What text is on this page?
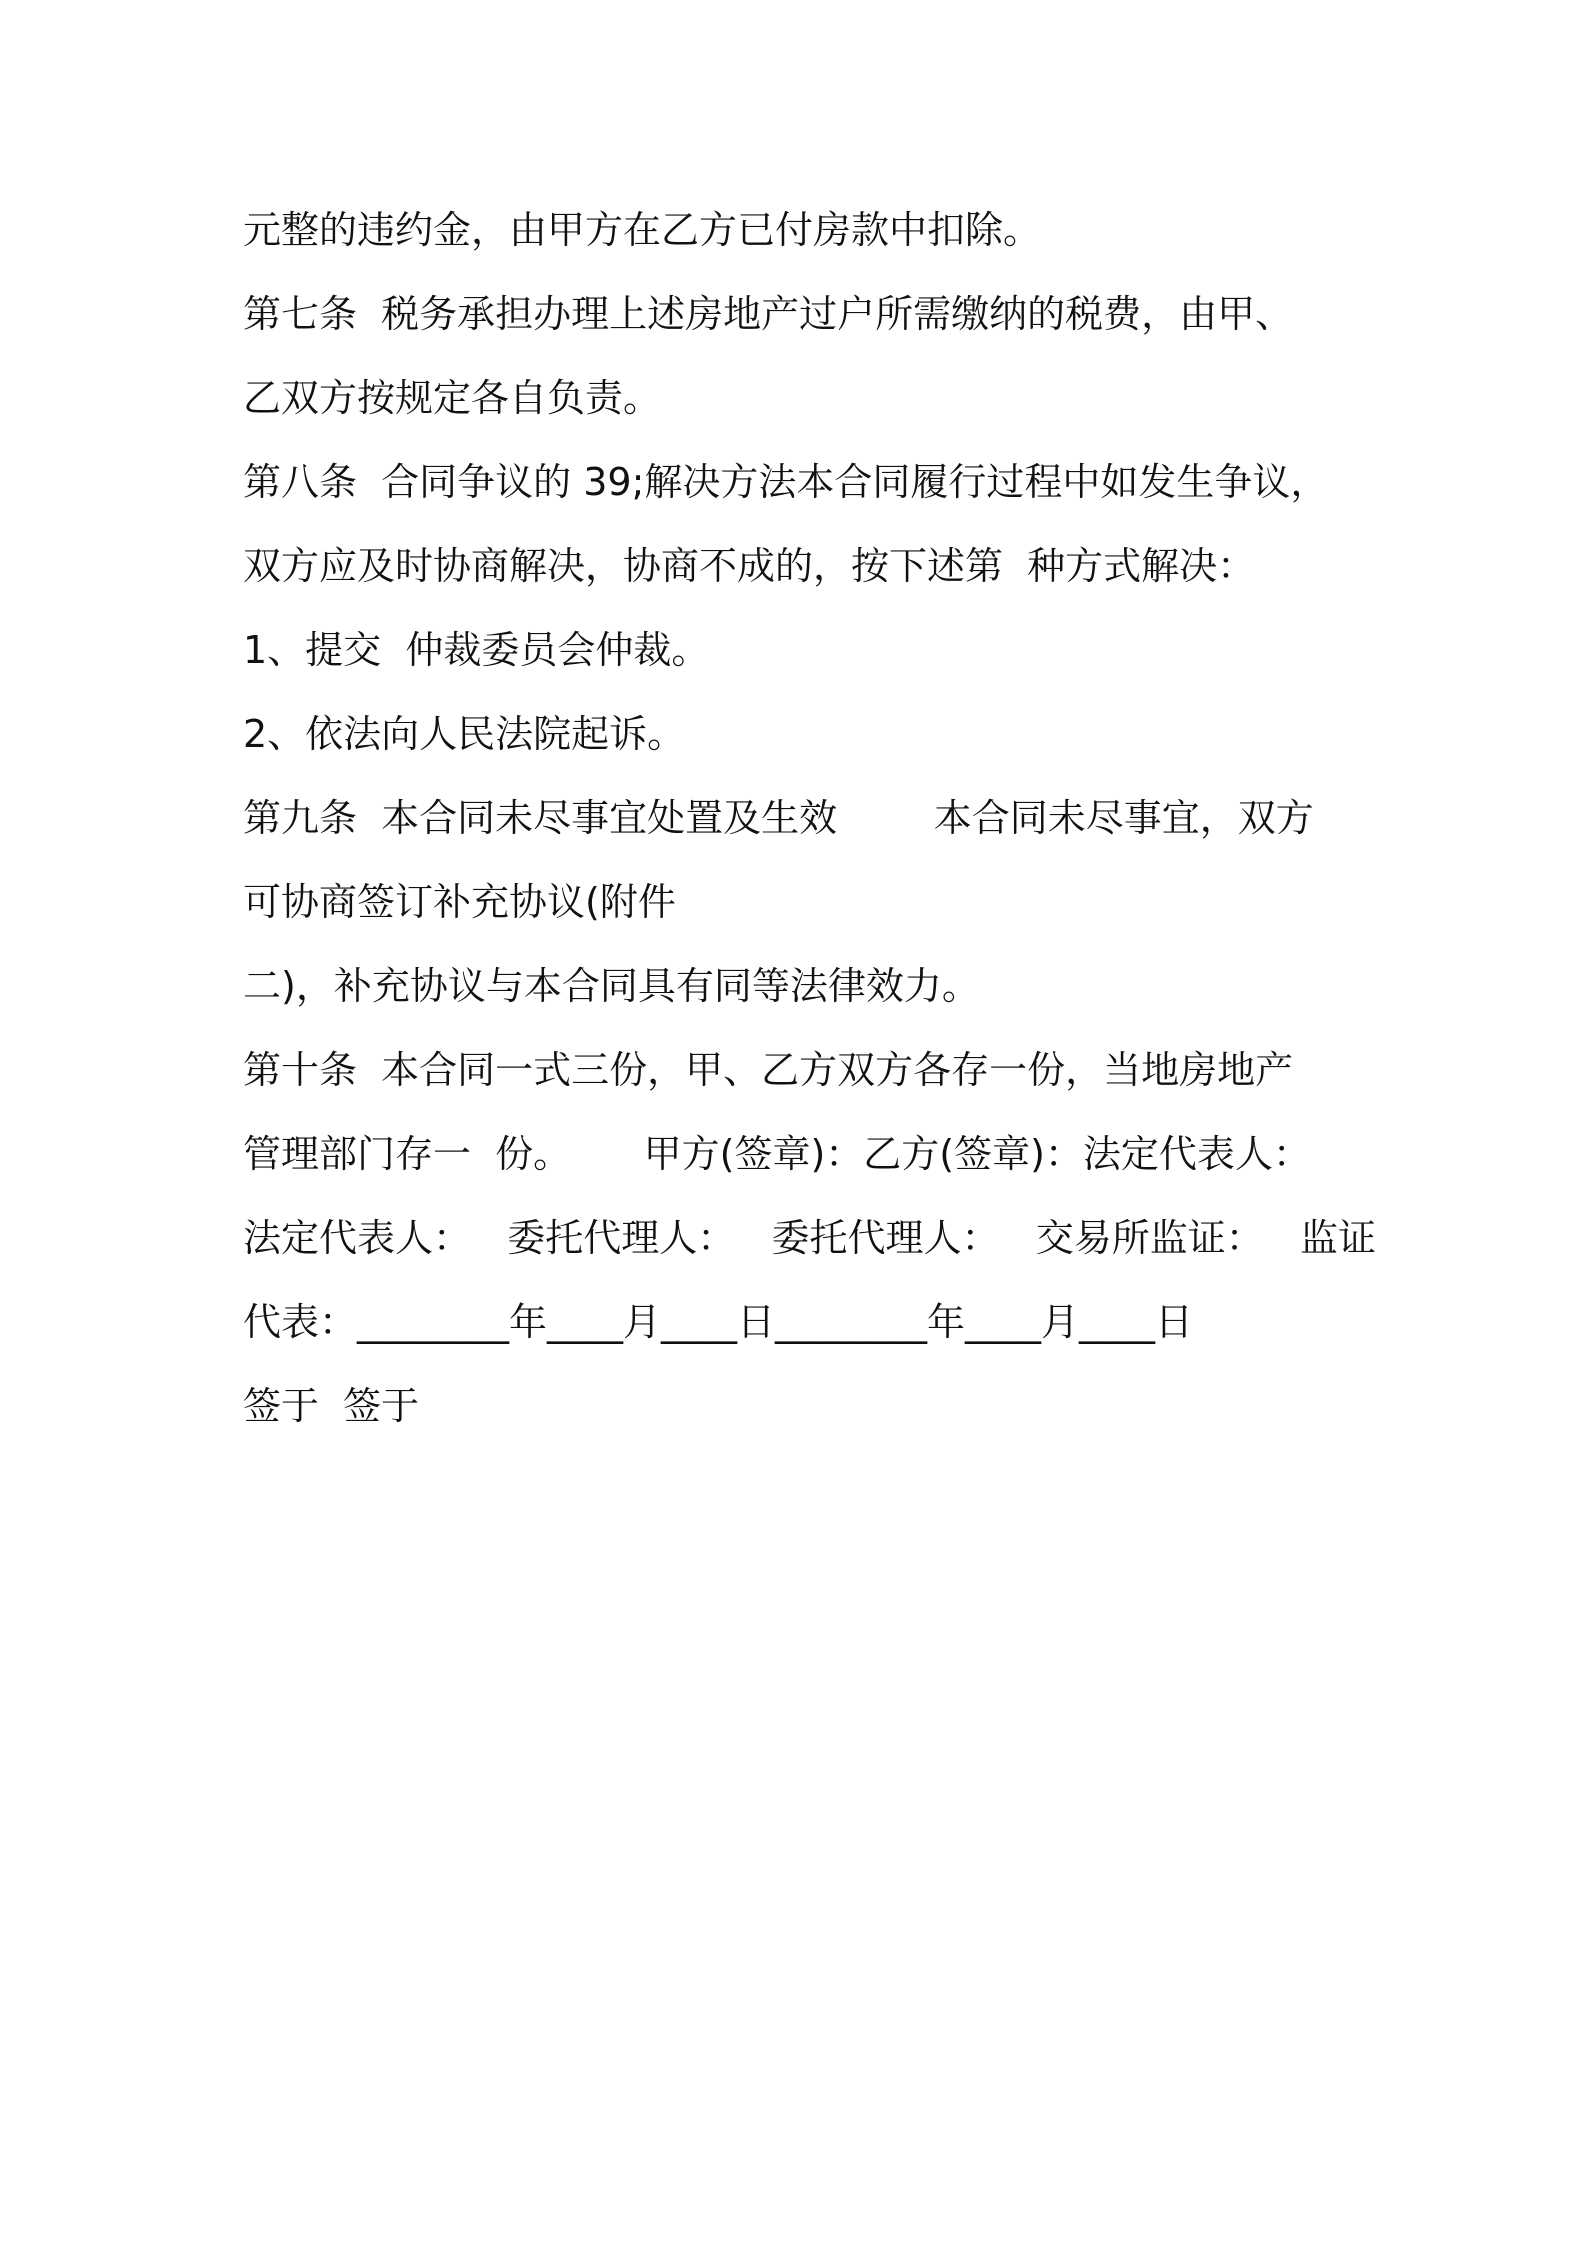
元整的违约金，由甲方在乙方已付房款中扣除。

第七条  税务承担办理上述房地产过户所需缴纳的税费，由甲、

乙双方按规定各自负责。

第八条  合同争议的 39;解决方法本合同履行过程中如发生争议，

双方应及时协商解决，协商不成的，按下述第  种方式解决：

1、提交  仲裁委员会仲裁。

2、依法向人民法院起诉。

第九条  本合同未尽事宜处置及生效        本合同未尽事宜，双方

可协商签订补充协议(附件

二)，补充协议与本合同具有同等法律效力。

第十条  本合同一式三份，甲、乙方双方各存一份，当地房地产

管理部门存一  份。      甲方(签章)：乙方(签章)：法定代表人：

法定代表人：   委托代理人：   委托代理人：   交易所监证：   监证

代表：________年____月____日________年____月____日

签于  签于
